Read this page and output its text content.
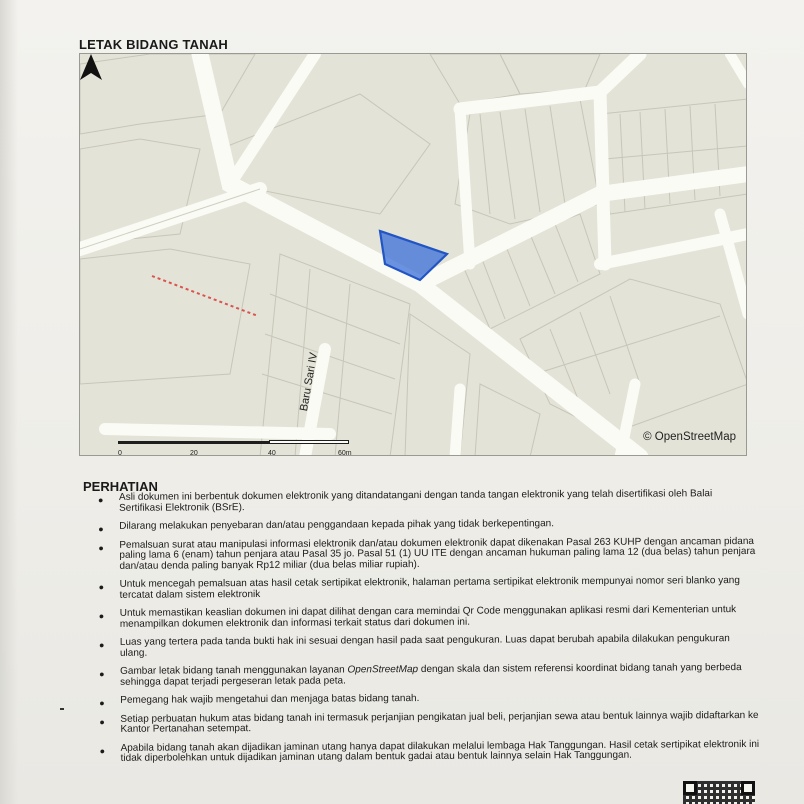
LETAK BIDANG TANAH
Baru Sari IV
0	20	40	60m
© OpenStreetMap
PERHATIAN
● Asli dokumen ini berbentuk dokumen elektronik yang ditandatangani dengan tanda tangan elektronik yang telah disertifikasi oleh Balai Sertifikasi Elektronik (BSrE).
● Dilarang melakukan penyebaran dan/atau penggandaan kepada pihak yang tidak berkepentingan.
● Pemalsuan surat atau manipulasi informasi elektronik dan/atau dokumen elektronik dapat dikenakan Pasal 263 KUHP dengan ancaman pidana paling lama 6 (enam) tahun penjara atau Pasal 35 jo. Pasal 51 (1) UU ITE dengan ancaman hukuman paling lama 12 (dua belas) tahun penjara dan/atau denda paling banyak Rp12 miliar (dua belas miliar rupiah).
● Untuk mencegah pemalsuan atas hasil cetak sertipikat elektronik, halaman pertama sertipikat elektronik mempunyai nomor seri blanko yang tercatat dalam sistem elektronik
● Untuk memastikan keaslian dokumen ini dapat dilihat dengan cara memindai Qr Code menggunakan aplikasi resmi dari Kementerian untuk menampilkan dokumen elektronik dan informasi terkait status dari dokumen ini.
● Luas yang tertera pada tanda bukti hak ini sesuai dengan hasil pada saat pengukuran. Luas dapat berubah apabila dilakukan pengukuran ulang.
● Gambar letak bidang tanah menggunakan layanan OpenStreetMap dengan skala dan sistem referensi koordinat bidang tanah yang berbeda sehingga dapat terjadi pergeseran letak pada peta.
● Pemegang hak wajib mengetahui dan menjaga batas bidang tanah.
● Setiap perbuatan hukum atas bidang tanah ini termasuk perjanjian pengikatan jual beli, perjanjian sewa atau bentuk lainnya wajib didaftarkan ke Kantor Pertanahan setempat.
● Apabila bidang tanah akan dijadikan jaminan utang hanya dapat dilakukan melalui lembaga Hak Tanggungan. Hasil cetak sertipikat elektronik ini tidak diperbolehkan untuk dijadikan jaminan utang dalam bentuk gadai atau bentuk lainnya selain Hak Tanggungan.
